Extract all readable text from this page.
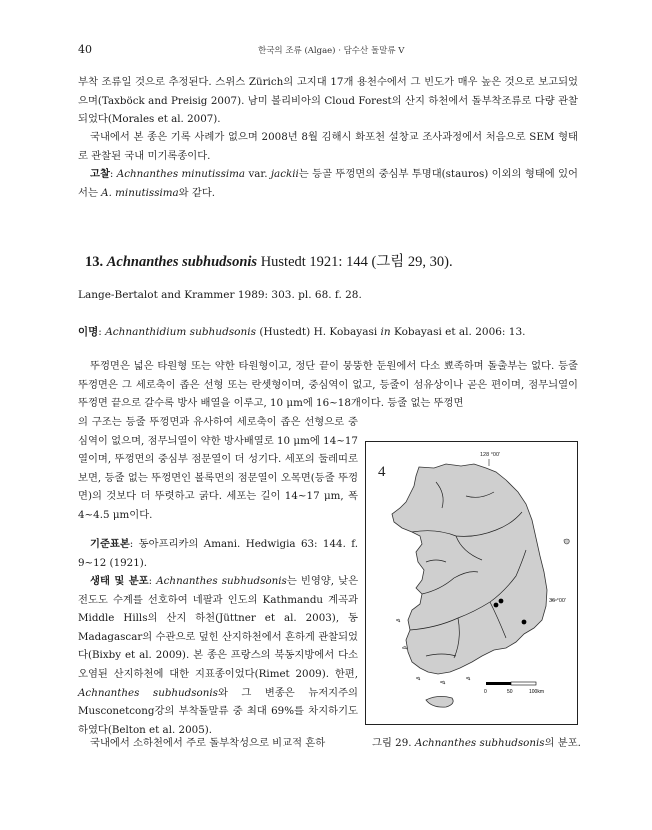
40	한국의 조류 (Algae) · 담수산 돌말류 V

부착 조류일 것으로 추정된다. 스위스 Zürich의 고지대 17개 용천수에서 그 빈도가 매우 높은 것으로 보고되었으며(Taxböck and Preisig 2007). 남미 볼리비아의 Cloud Forest의 산지 하천에서 돌부착조류로 다량 관찰되었다(Morales et al. 2007).

국내에서 본 종은 기록 사례가 없으며 2008년 8월 김해시 화포천 설창교 조사과정에서 처음으로 SEM 형태로 관찰된 국내 미기록종이다.

고찰: Achnanthes minutissima var. jackii는 등골 뚜껑면의 중심부 투명대(stauros) 이외의 형태에 있어서는 A. minutissima와 같다.

13. Achnanthes subhudsonis Hustedt 1921: 144 (그림 29, 30).

Lange-Bertalot and Krammer 1989: 303. pl. 68. f. 28.

이명: Achnanthidium subhudsonis (Hustedt) H. Kobayasi in Kobayasi et al. 2006: 13.

뚜껑면은 넓은 타원형 또는 약한 타원형이고, 정단 끝이 뭉뚱한 둔원에서 다소 뾰족하며 돌출부는 없다. 등줄 뚜껑면은 그 세로축이 좁은 선형 또는 란셋형이며, 중심역이 없고, 등줄이 섬유상이나 곧은 편이며, 점무늬열이 뚜껑면 끝으로 갈수록 방사 배열을 이루고, 10 μm에 16~18개이다. 등줄 없는 뚜껑면

의 구조는 등줄 뚜껑면과 유사하여 세로축이 좁은 선형으로 중심역이 없으며, 점무늬열이 약한 방사배열로 10 μm에 14~17열이며, 뚜껑면의 중심부 점문열이 더 성기다. 세포의 둘레띠로 보면, 등줄 없는 뚜껑면인 볼록면의 점문열이 오목면(등줄 뚜껑면)의 것보다 더 뚜렷하고 굵다. 세포는 길이 14~17 μm, 폭 4~4.5 μm이다.

기준표본: 동아프리카의 Amani. Hedwigia 63: 144. f. 9~12 (1921).

생태 및 분포: Achnanthes subhudsonis는 빈영양, 낮은 전도도 수계를 선호하여 네팔과 인도의 Kathmandu 계곡과 Middle Hills의 산지 하천(Jüttner et al. 2003), 동 Madagascar의 수관으로 덮힌 산지하천에서 흔하게 관찰되었다(Bixby et al. 2009). 본 종은 프랑스의 북동지방에서 다소 오염된 산지하천에 대한 지표종이었다(Rimet 2009). 한편, Achnanthes subhudsonis와 그 변종은 뉴저지주의 Musconetcong강의 부착돌말류 중 최대 69%를 차지하기도 하였다(Belton et al. 2005).

국내에서 소하천에서 주로 돌부착성으로 비교적 흔하

4
128 °00'
36 °00'
0	50	100km
그림 29. Achnanthes subhudsonis의 분포.
